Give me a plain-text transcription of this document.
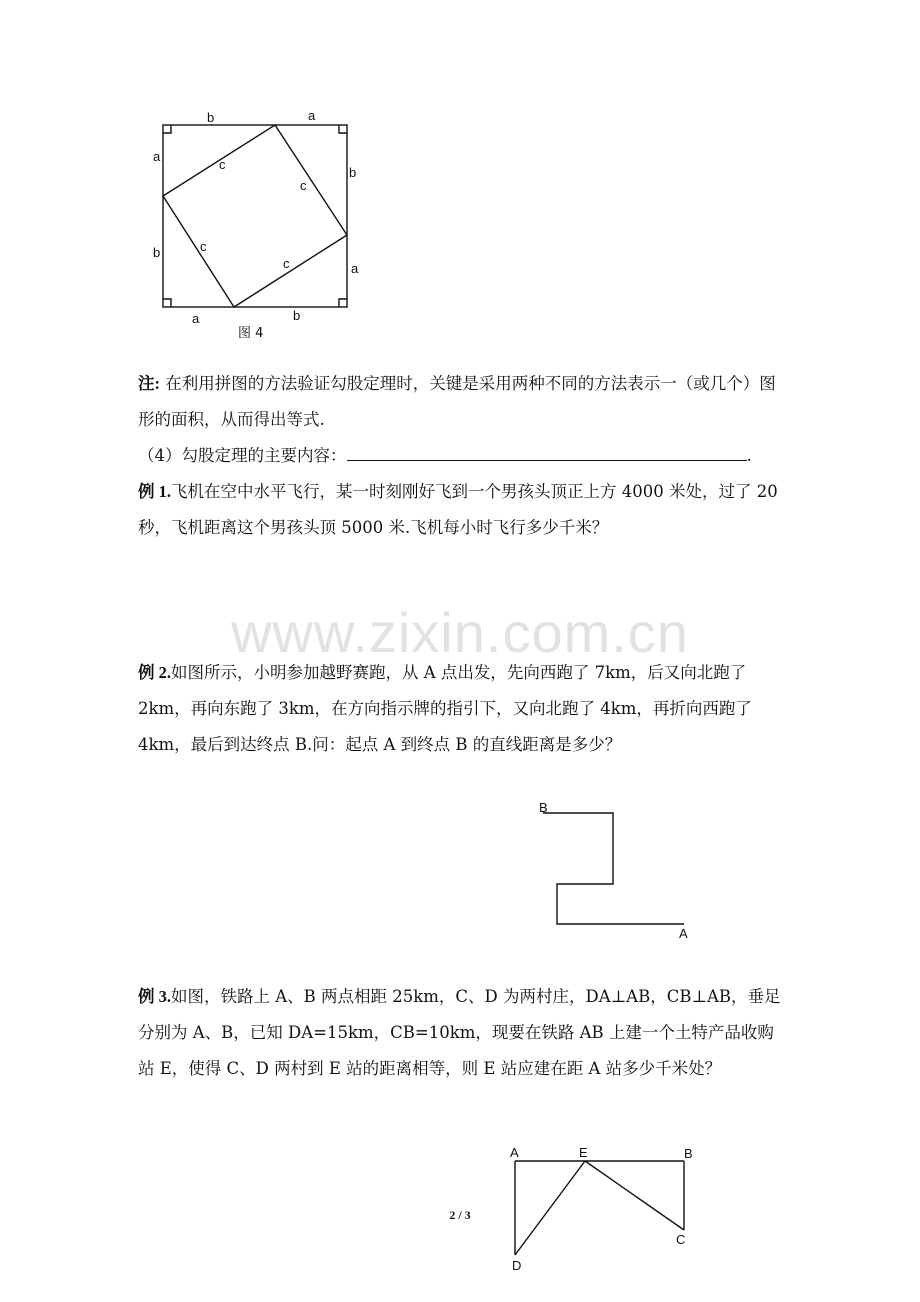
b	a
a
b
b
a
a	b
c
c
c
c
图 4

注: 在利用拼图的方法验证勾股定理时，关键是采用两种不同的方法表示一（或几个）图形的面积，从而得出等式.

（4）勾股定理的主要内容：	.

例 1.飞机在空中水平飞行，某一时刻刚好飞到一个男孩头顶正上方 4000 米处，过了 20 秒，飞机距离这个男孩头顶 5000 米.飞机每小时飞行多少千米？

www.zixin.com.cn

例 2.如图所示，小明参加越野赛跑，从 A 点出发，先向西跑了 7km，后又向北跑了 2km，再向东跑了 3km，在方向指示牌的指引下，又向北跑了 4km，再折向西跑了 4km，最后到达终点 B.问：起点 A 到终点 B 的直线距离是多少？

B
A

例 3.如图，铁路上 A、B 两点相距 25km，C、D 为两村庄，DA⊥AB，CB⊥AB，垂足分别为 A、B，已知 DA=15km，CB=10km，现要在铁路 AB 上建一个土特产品收购站 E，使得 C、D 两村到 E 站的距离相等，则 E 站应建在距 A 站多少千米处？

A	E	B
C
D
2 / 3
